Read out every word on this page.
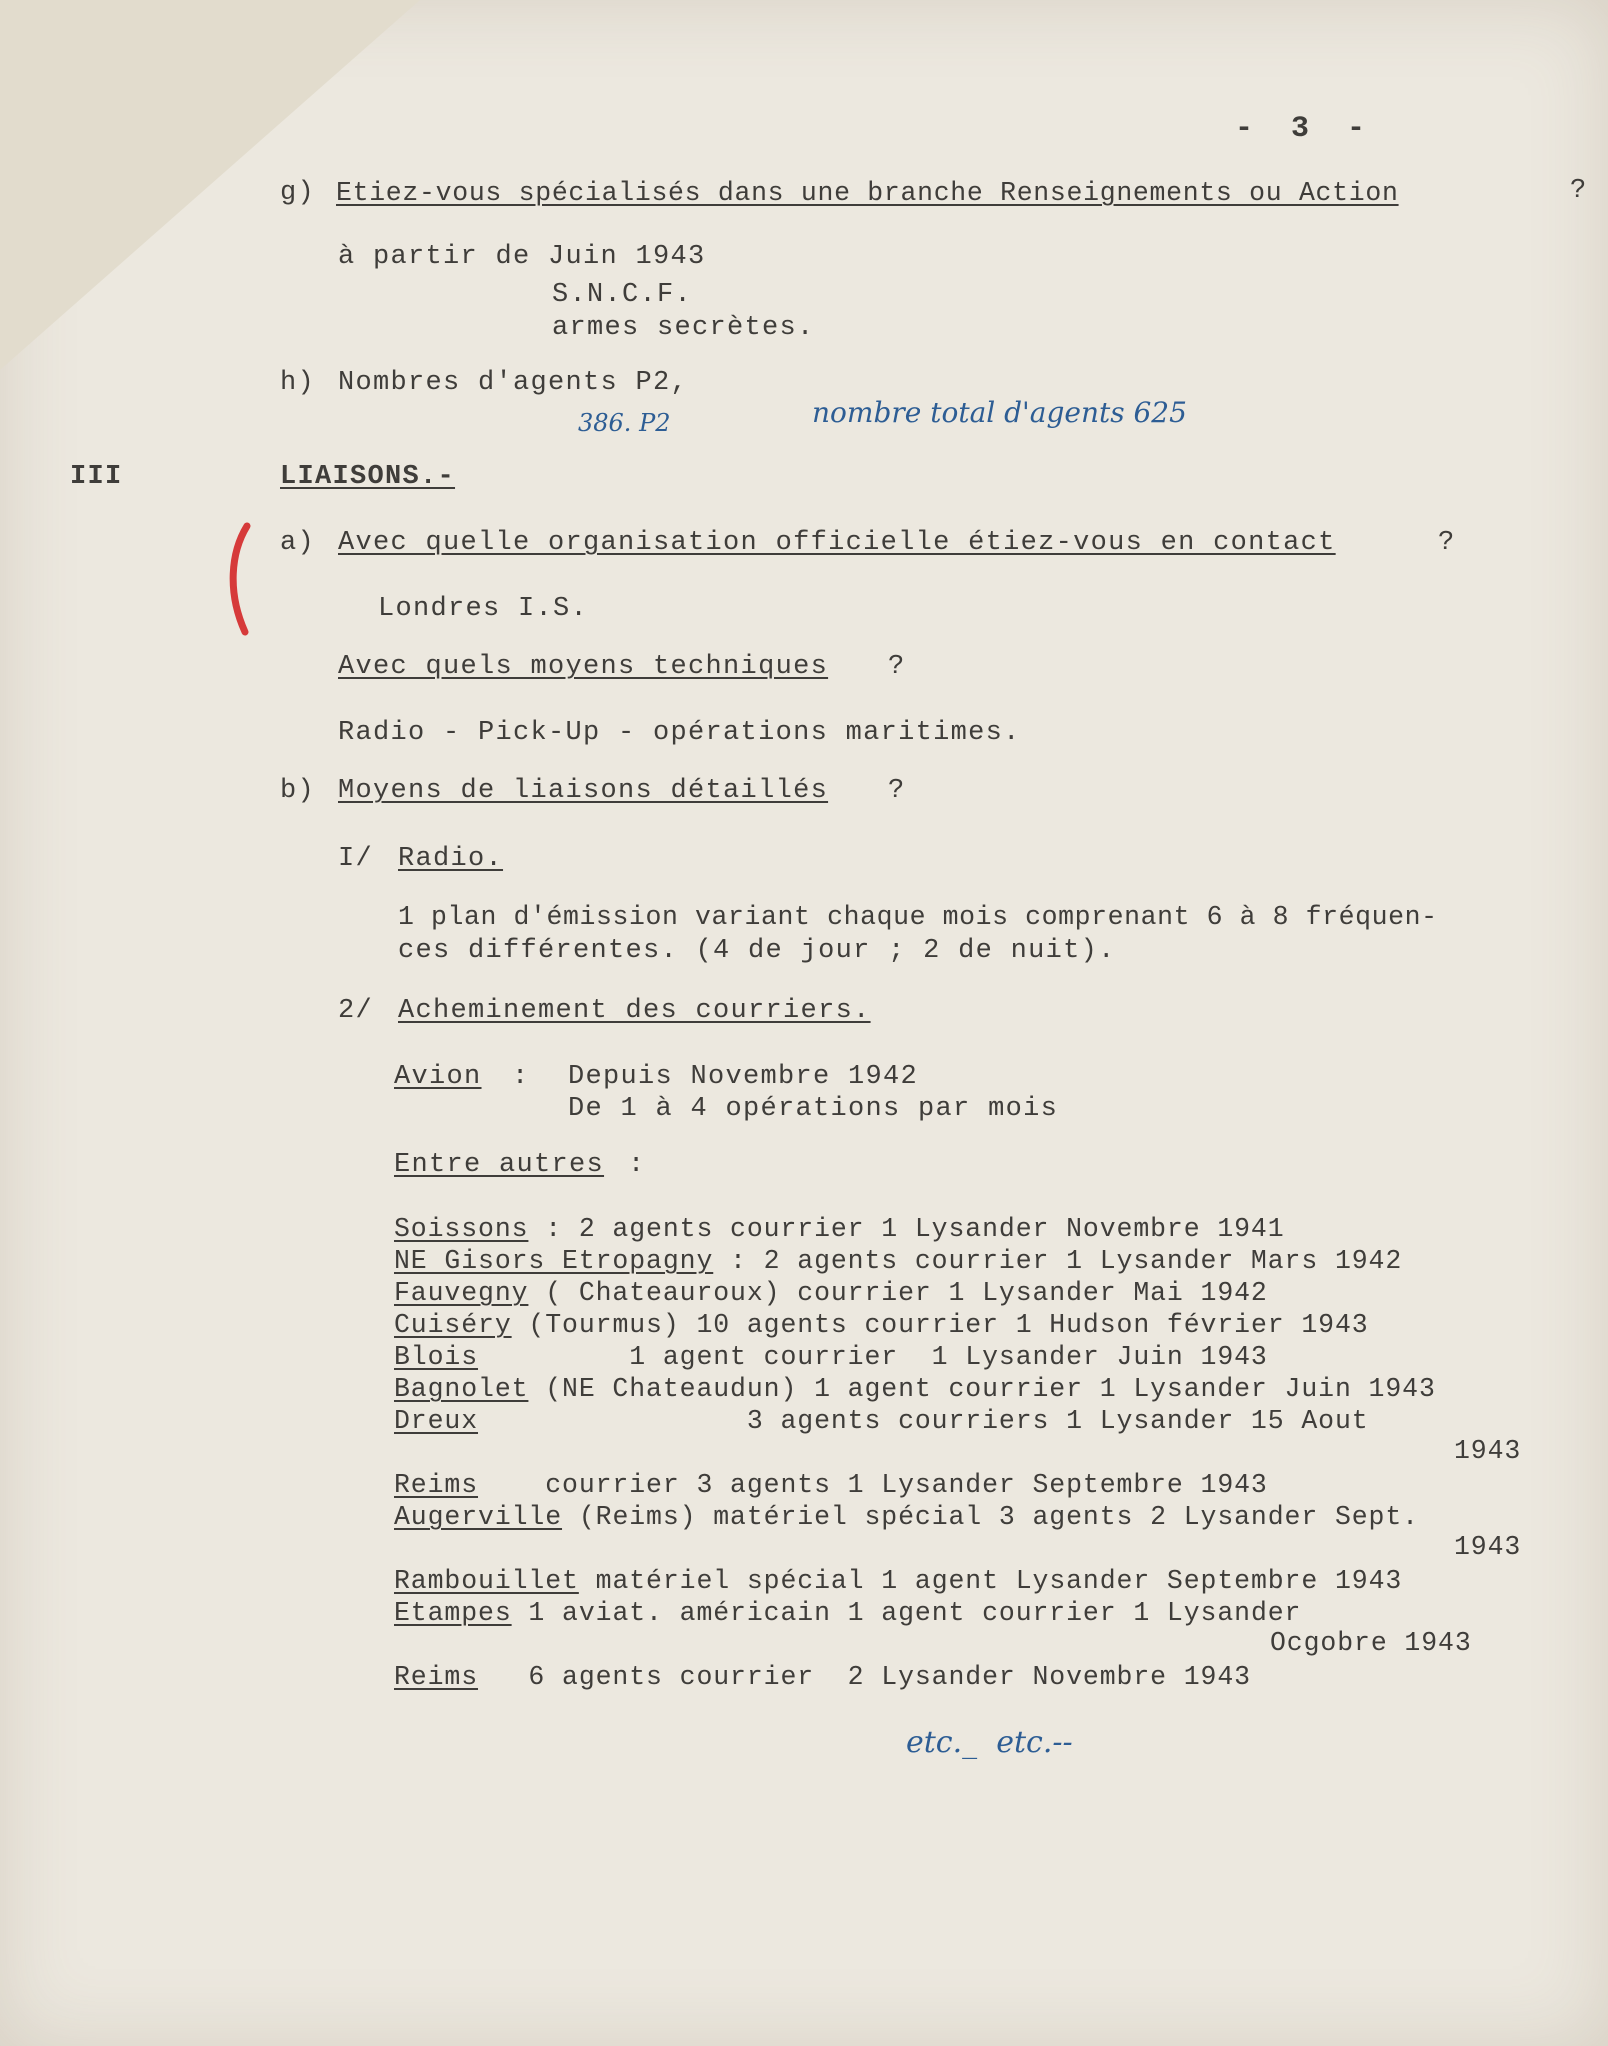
- 3 -
g) Etiez-vous spécialisés dans une branche Renseignements ou Action	?
à partir de Juin 1943
S.N.C.F.
armes secrètes.
h) Nombres d'agents P2,
386. P2	nombre total d'agents 625
III	LIAISONS.-
a) Avec quelle organisation officielle étiez-vous en contact	?
Londres I.S.
Avec quels moyens techniques ?
Radio - Pick-Up - opérations maritimes.
b) Moyens de liaisons détaillés ?
I/ Radio.
1 plan d'émission variant chaque mois comprenant 6 à 8 fréquen-
ces différentes. (4 de jour ; 2 de nuit).
2/ Acheminement des courriers.
Avion : Depuis Novembre 1942
De 1 à 4 opérations par mois
Entre autres :
Soissons : 2 agents courrier 1 Lysander Novembre 1941
NE Gisors Etropagny : 2 agents courrier 1 Lysander Mars 1942
Fauvegny ( Chateauroux) courrier 1 Lysander Mai 1942
Cuiséry (Tourmus) 10 agents courrier 1 Hudson février 1943
Blois         1 agent courrier  1 Lysander Juin 1943
Bagnolet (NE Chateaudun) 1 agent courrier 1 Lysander Juin 1943
Dreux                3 agents courriers 1 Lysander 15 Aout
1943
Reims    courrier 3 agents 1 Lysander Septembre 1943
Augerville (Reims) matériel spécial 3 agents 2 Lysander Sept.
1943
Rambouillet matériel spécial 1 agent Lysander Septembre 1943
Etampes 1 aviat. américain 1 agent courrier 1 Lysander
Ocgobre 1943
Reims   6 agents courrier  2 Lysander Novembre 1943
etc._  etc.--
